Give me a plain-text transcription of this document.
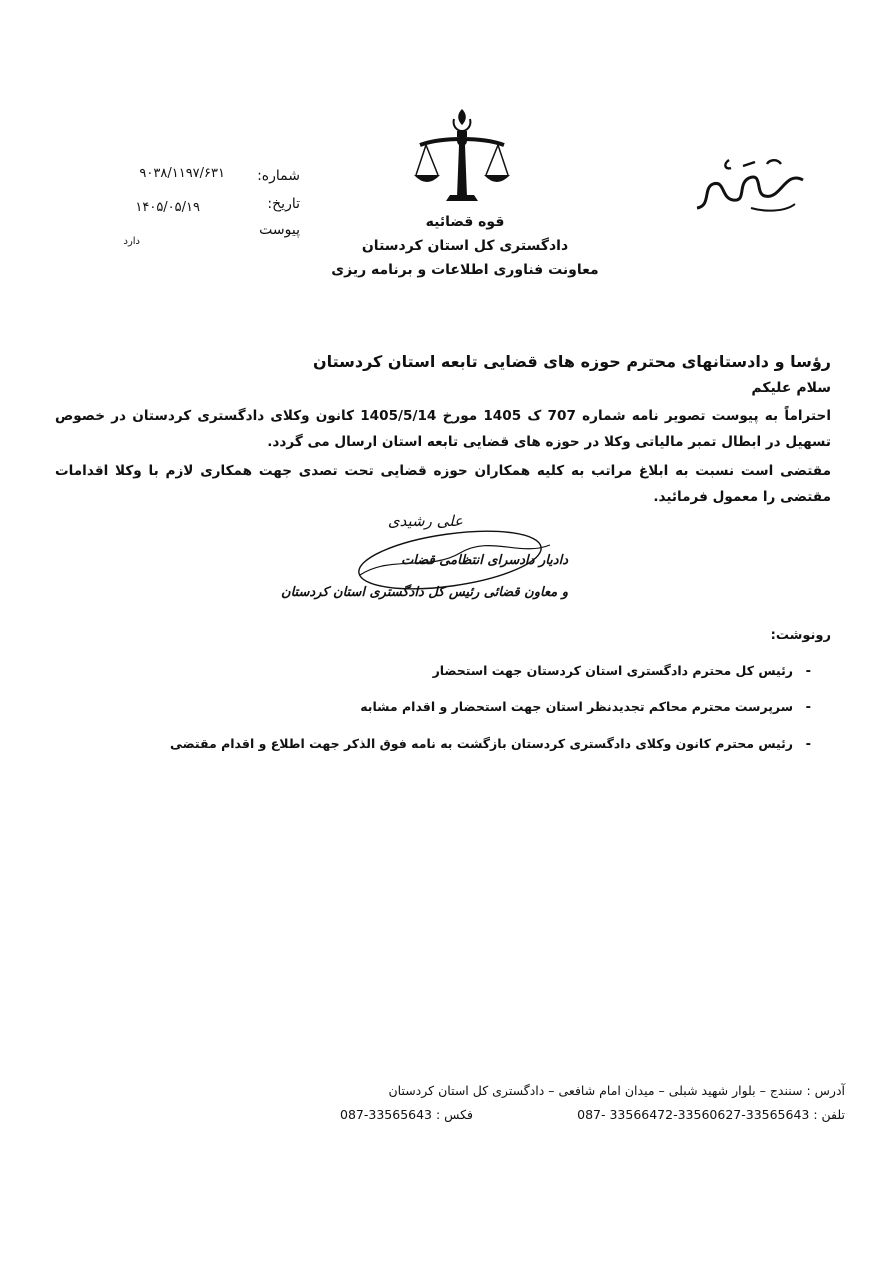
باسمه تعالی
قوه قضائیه
دادگستری کل استان کردستان
معاونت فناوری اطلاعات و برنامه ریزی
شماره:
۹۰۳۸/۱۱۹۷/۶۳۱
تاریخ:
۱۴۰۵/۰۵/۱۹
پیوست
دارد
رؤسا و دادستانهای محترم حوزه های قضایی تابعه استان کردستان
سلام علیکم
احتراماً به پیوست تصویر نامه شماره 707 ک 1405 مورخ 1405/5/14 کانون وکلای دادگستری کردستان در خصوص تسهیل در ابطال تمبر مالیاتی وکلا در حوزه های قضایی تابعه استان ارسال می گردد.
مقتضی است نسبت به ابلاغ مراتب به کلیه همکاران حوزه قضایی تحت تصدی جهت همکاری لازم با وکلا اقدامات مقتضی را معمول فرمائید.
علی رشیدی
دادیار دادسرای انتظامی قضات
و معاون قضائی رئیس کل دادگستری استان کردستان
رونوشت:
-
رئیس کل محترم دادگستری استان کردستان جهت استحضار
-
سرپرست محترم محاکم تجدیدنظر استان جهت استحضار و اقدام مشابه
-
رئیس محترم کانون وکلای دادگستری کردستان بازگشت به نامه فوق الذکر جهت اطلاع و اقدام مقتضی
آدرس : سنندج – بلوار شهید شبلی – میدان امام شافعی – دادگستری کل استان کردستان
تلفن : 33565643-33560627-33566472 -087
فکس : 33565643-087
